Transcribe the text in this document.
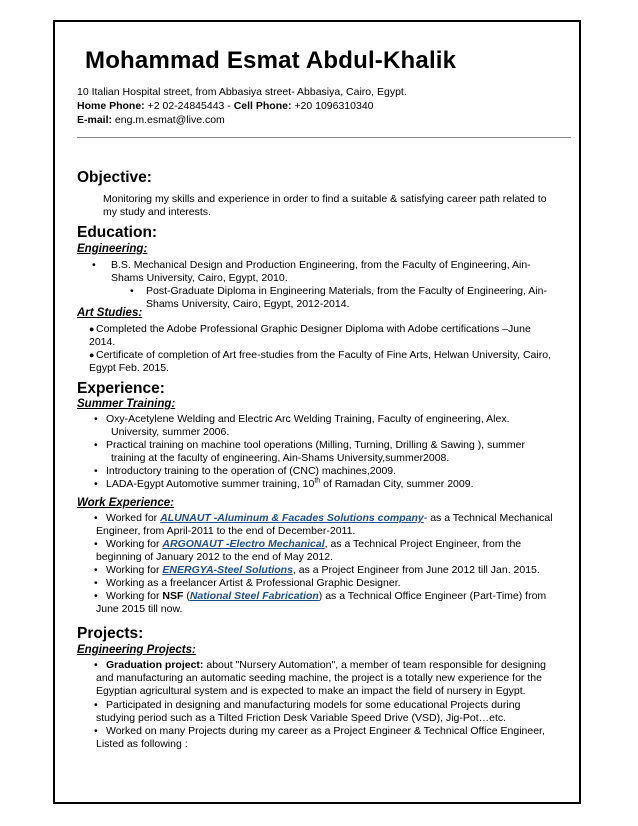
Mohammad Esmat Abdul-Khalik
10 Italian Hospital street, from Abbasiya street- Abbasiya, Cairo, Egypt.
Home Phone: +2 02-24845443 - Cell Phone: +20 1096310340
E-mail: eng.m.esmat@live.com
Objective:
Monitoring my skills and experience in order to find a suitable & satisfying career path related to
my study and interests.
Education:
Engineering:
• B.S. Mechanical Design and Production Engineering, from the Faculty of Engineering, Ain-
Shams University, Cairo, Egypt, 2010.
• Post-Graduate Diploma in Engineering Materials, from the Faculty of Engineering, Ain-
Shams University, Cairo, Egypt, 2012-2014.
Art Studies:
● Completed the Adobe Professional Graphic Designer Diploma with Adobe certifications –June
2014.
● Certificate of completion of Art free-studies from the Faculty of Fine Arts, Helwan University, Cairo,
Egypt Feb. 2015.
Experience:
Summer Training:
• Oxy-Acetylene Welding and Electric Arc Welding Training, Faculty of engineering, Alex.
University, summer 2006.
• Practical training on machine tool operations (Milling, Turning, Drilling & Sawing ), summer
training at the faculty of engineering, Ain-Shams University,summer2008.
• Introductory training to the operation of (CNC) machines,2009.
• LADA-Egypt Automotive summer training, 10th of Ramadan City, summer 2009.
Work Experience:
• Worked for ALUNAUT -Aluminum & Facades Solutions company- as a Technical Mechanical
Engineer, from April-2011 to the end of December-2011.
• Working for ARGONAUT -Electro Mechanical, as a Technical Project Engineer, from the
beginning of January 2012 to the end of May 2012.
• Working for ENERGYA-Steel Solutions, as a Project Engineer from June 2012 till Jan. 2015.
• Working as a freelancer Artist & Professional Graphic Designer.
• Working for NSF (National Steel Fabrication) as a Technical Office Engineer (Part-Time) from
June 2015 till now.
Projects:
Engineering Projects:
• Graduation project: about "Nursery Automation", a member of team responsible for designing
and manufacturing an automatic seeding machine, the project is a totally new experience for the
Egyptian agricultural system and is expected to make an impact the field of nursery in Egypt.
• Participated in designing and manufacturing models for some educational Projects during
studying period such as a Tilted Friction Desk Variable Speed Drive (VSD), Jig-Pot…etc.
• Worked on many Projects during my career as a Project Engineer & Technical Office Engineer,
Listed as following :
